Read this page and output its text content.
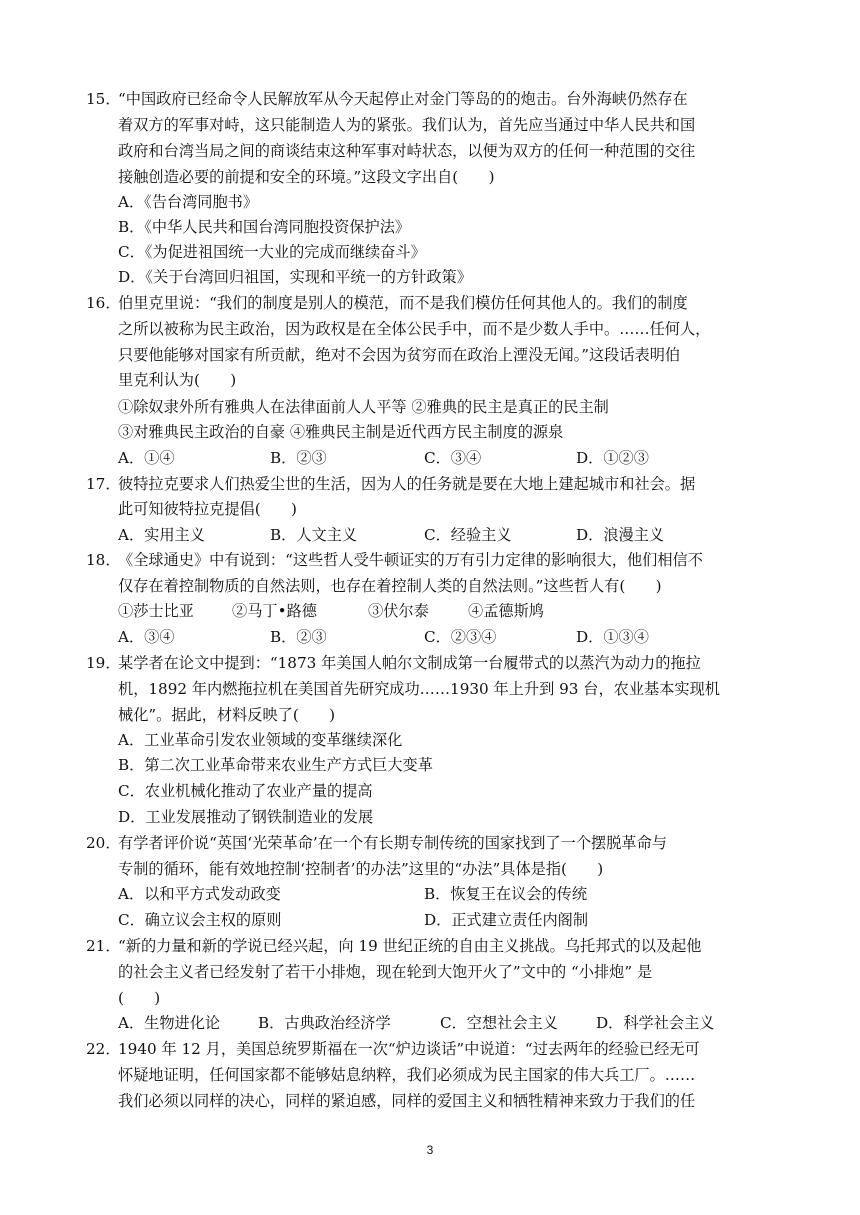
15．
“中国政府已经命令人民解放军从今天起停止对金门等岛的的炮击。台外海峡仍然存在
着双方的军事对峙，这只能制造人为的紧张。我们认为，首先应当通过中华人民共和国
政府和台湾当局之间的商谈结束这种军事对峙状态，以便为双方的任何一种范围的交往
接触创造必要的前提和安全的环境。”这段文字出自(　　)
A．《告台湾同胞书》
B．《中华人民共和国台湾同胞投资保护法》
C．《为促进祖国统一大业的完成而继续奋斗》
D．《关于台湾回归祖国，实现和平统一的方针政策》
16．
伯里克里说：“我们的制度是别人的模范，而不是我们模仿任何其他人的。我们的制度
之所以被称为民主政治，因为政权是在全体公民手中，而不是少数人手中。……任何人，
只要他能够对国家有所贡献，绝对不会因为贫穷而在政治上湮没无闻。”这段话表明伯
里克利认为(　　)
①除奴隶外所有雅典人在法律面前人人平等 ②雅典的民主是真正的民主制
③对雅典民主政治的自豪 ④雅典民主制是近代西方民主制度的源泉
A．①④	B．②③	C．③④	D．①②③
17．
彼特拉克要求人们热爱尘世的生活，因为人的任务就是要在大地上建起城市和社会。据
此可知彼特拉克提倡(　　)
A．实用主义	B．人文主义	C．经验主义	D．浪漫主义
18．
《全球通史》中有说到：“这些哲人受牛顿证实的万有引力定律的影响很大，他们相信不
仅存在着控制物质的自然法则，也存在着控制人类的自然法则。”这些哲人有(　　)
①莎士比亚	②马丁•路德	③伏尔泰	④孟德斯鸠
A．③④	B．②③	C．②③④	D．①③④
19．
某学者在论文中提到：“1873 年美国人帕尔文制成第一台履带式的以蒸汽为动力的拖拉
机，1892 年内燃拖拉机在美国首先研究成功……1930 年上升到 93 台，农业基本实现机
械化”。据此，材料反映了(　　)
A．工业革命引发农业领域的变革继续深化
B．第二次工业革命带来农业生产方式巨大变革
C．农业机械化推动了农业产量的提高
D．工业发展推动了钢铁制造业的发展
20．
有学者评价说“英国‘光荣革命’在一个有长期专制传统的国家找到了一个摆脱革命与
专制的循环，能有效地控制‘控制者’的办法”这里的“办法”具体是指(　　)
A．以和平方式发动政变	B．恢复王在议会的传统
C．确立议会主权的原则	D．正式建立责任内阁制
21．
“新的力量和新的学说已经兴起，向 19 世纪正统的自由主义挑战。乌托邦式的以及起他
的社会主义者已经发射了若干小排炮，现在轮到大饱开火了”文中的 “小排炮” 是
(　　)
A．生物进化论 B．古典政治经济学	C．空想社会主义	D．科学社会主义
22．
1940 年 12 月，美国总统罗斯福在一次“炉边谈话”中说道：“过去两年的经验已经无可
怀疑地证明，任何国家都不能够姑息纳粹，我们必须成为民主国家的伟大兵工厂。……
我们必须以同样的决心，同样的紧迫感，同样的爱国主义和牺牲精神来致力于我们的任
3
